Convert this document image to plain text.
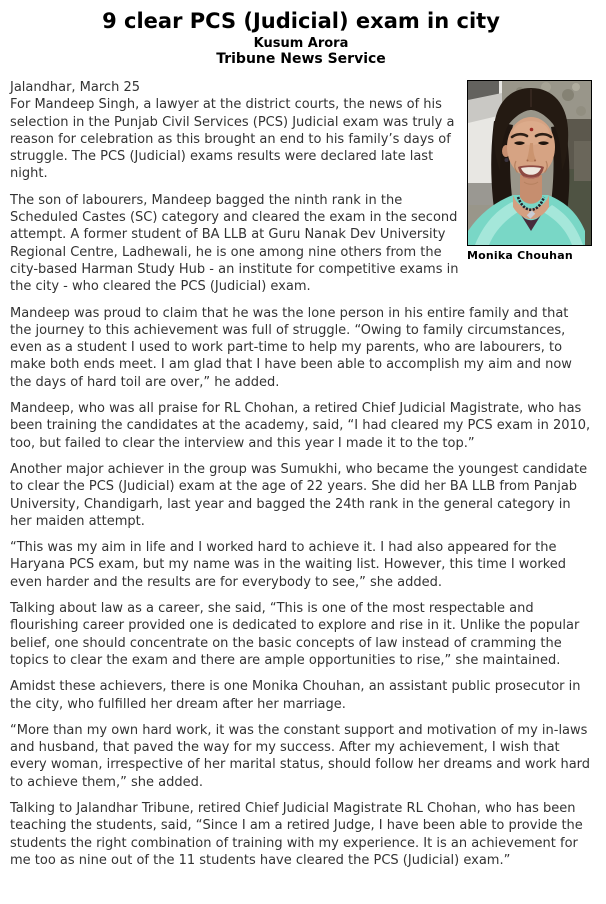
9 clear PCS (Judicial) exam in city
Kusum Arora
Tribune News Service
Monika Chouhan
Jalandhar, March 25

For Mandeep Singh, a lawyer at the district courts, the news of his selection in the Punjab Civil Services (PCS) Judicial exam was truly a reason for celebration as this brought an end to his family’s days of struggle. The PCS (Judicial) exams results were declared late last night.

The son of labourers, Mandeep bagged the ninth rank in the Scheduled Castes (SC) category and cleared the exam in the second attempt. A former student of BA LLB at Guru Nanak Dev University Regional Centre, Ladhewali, he is one among nine others from the city-based Harman Study Hub - an institute for competitive exams in the city - who cleared the PCS (Judicial) exam.

Mandeep was proud to claim that he was the lone person in his entire family and that the journey to this achievement was full of struggle. “Owing to family circumstances, even as a student I used to work part-time to help my parents, who are labourers, to make both ends meet. I am glad that I have been able to accomplish my aim and now the days of hard toil are over,” he added.

Mandeep, who was all praise for RL Chohan, a retired Chief Judicial Magistrate, who has been training the candidates at the academy, said, “I had cleared my PCS exam in 2010, too, but failed to clear the interview and this year I made it to the top.”

Another major achiever in the group was Sumukhi, who became the youngest candidate to clear the PCS (Judicial) exam at the age of 22 years. She did her BA LLB from Panjab University, Chandigarh, last year and bagged the 24th rank in the general category in her maiden attempt.

“This was my aim in life and I worked hard to achieve it. I had also appeared for the Haryana PCS exam, but my name was in the waiting list. However, this time I worked even harder and the results are for everybody to see,” she added.

Talking about law as a career, she said, “This is one of the most respectable and flourishing career provided one is dedicated to explore and rise in it. Unlike the popular belief, one should concentrate on the basic concepts of law instead of cramming the topics to clear the exam and there are ample opportunities to rise,” she maintained.

Amidst these achievers, there is one Monika Chouhan, an assistant public prosecutor in the city, who fulfilled her dream after her marriage.

“More than my own hard work, it was the constant support and motivation of my in-laws and husband, that paved the way for my success. After my achievement, I wish that every woman, irrespective of her marital status, should follow her dreams and work hard to achieve them,” she added.

Talking to Jalandhar Tribune, retired Chief Judicial Magistrate RL Chohan, who has been teaching the students, said, “Since I am a retired Judge, I have been able to provide the students the right combination of training with my experience. It is an achievement for me too as nine out of the 11 students have cleared the PCS (Judicial) exam.”
